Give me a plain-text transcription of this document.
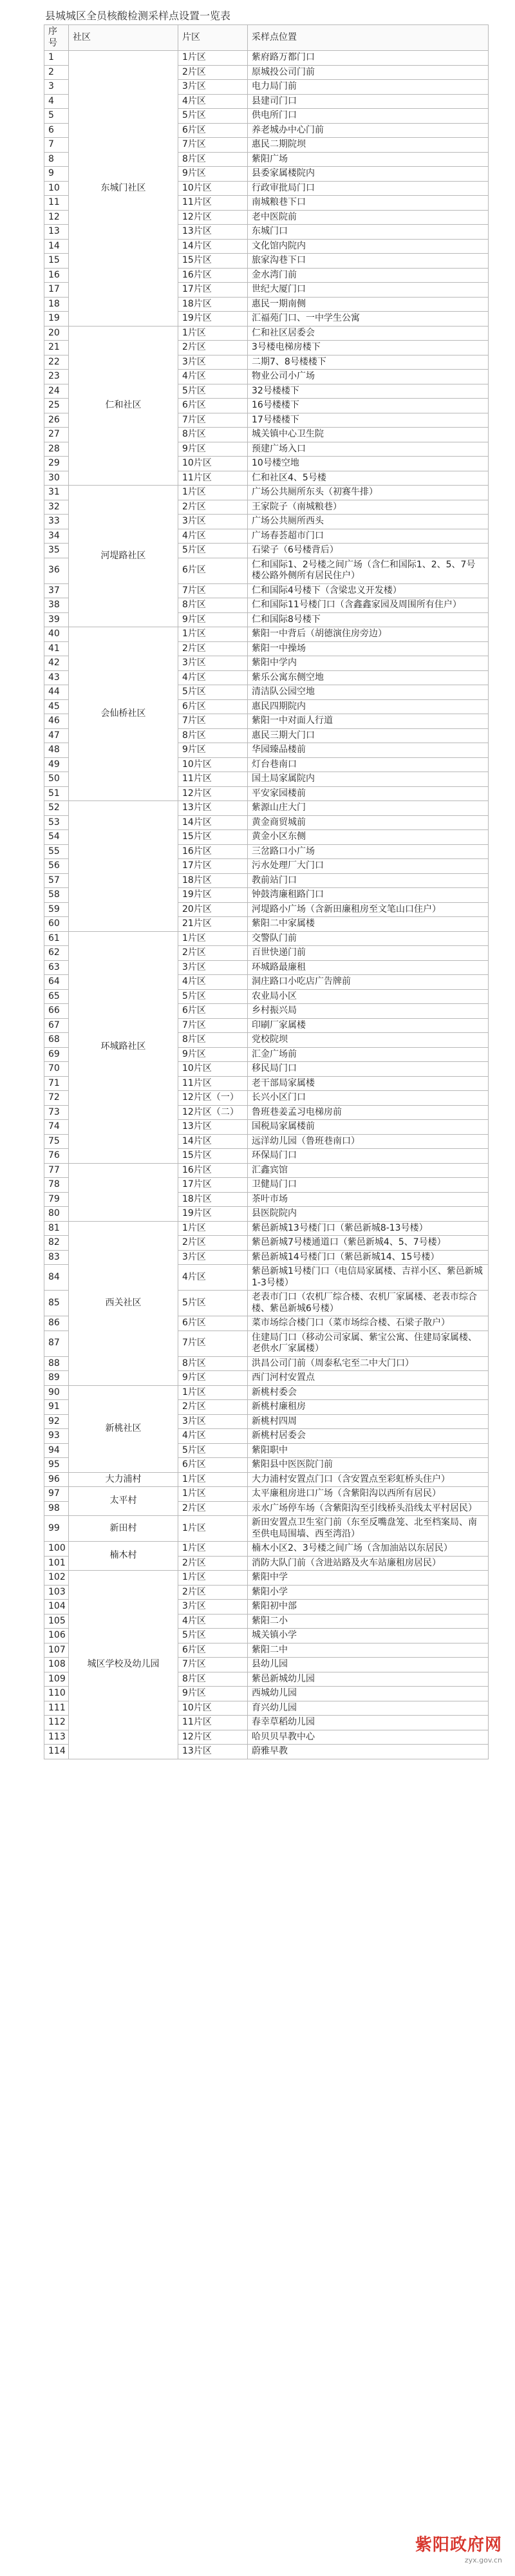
县城城区全员核酸检测采样点设置一览表
序号	社区	片区	采样点位置
1	东城门社区	1片区	紫府路万都门口
2		2片区	原城投公司门前
3		3片区	电力局门前
4		4片区	县建司门口
5		5片区	供电所门口
6		6片区	养老城办中心门前
7		7片区	惠民二期院坝
8		8片区	紫阳广场
9		9片区	县委家属楼院内
10		10片区	行政审批局门口
11		11片区	南城粮巷下口
12		12片区	老中医院前
13		13片区	东城门口
14		14片区	文化馆内院内
15		15片区	旅家沟巷下口
16		16片区	金水湾门前
17		17片区	世纪大厦门口
18		18片区	惠民一期南侧
19		19片区	汇福苑门口、一中学生公寓
20	仁和社区	1片区	仁和社区居委会
21		2片区	3号楼电梯房楼下
22		3片区	二期7、8号楼楼下
23		4片区	物业公司小广场
24		5片区	32号楼楼下
25		6片区	16号楼楼下
26		7片区	17号楼楼下
27		8片区	城关镇中心卫生院
28		9片区	预建广场入口
29		10片区	10号楼空地
30		11片区	仁和社区4、5号楼
31	河堤路社区	1片区	广场公共厕所东头（初赛牛排）
32		2片区	王家院子（南城粮巷）
33		3片区	广场公共厕所西头
34		4片区	广场春荟超市门口
35		5片区	石梁子（6号楼背后）
36		6片区	仁和国际1、2号楼之间广场（含仁和国际1、2、5、7号楼公路外侧所有居民住户）
37		7片区	仁和国际4号楼下（含梁忠义开发楼）
38		8片区	仁和国际11号楼门口（含鑫鑫家园及周围所有住户）
39		9片区	仁和国际8号楼下
40	会仙桥社区	1片区	紫阳一中背后（胡德演住房旁边）
41		2片区	紫阳一中操场
42		3片区	紫阳中学内
43		4片区	紫乐公寓东侧空地
44		5片区	清洁队公园空地
45		6片区	惠民四期院内
46		7片区	紫阳一中对面人行道
47		8片区	惠民三期大门口
48		9片区	华园臻品楼前
49		10片区	灯台巷南口
50		11片区	国土局家属院内
51		12片区	平安家园楼前
52		13片区	紫源山庄大门
53		14片区	黄金商贸城前
54		15片区	黄金小区东侧
55		16片区	三岔路口小广场
56		17片区	污水处理厂大门口
57		18片区	教前站门口
58		19片区	钟鼓湾廉租路门口
59		20片区	河堤路小广场（含新田廉租房至文笔山口住户）
60		21片区	紫阳二中家属楼
61	环城路社区	1片区	交警队门前
62		2片区	百世快递门前
63		3片区	环城路最廉租
64		4片区	洞庄路口小吃店广告牌前
65		5片区	农业局小区
66		6片区	乡村振兴局
67		7片区	印刷厂家属楼
68		8片区	党校院坝
69		9片区	汇金广场前
70		10片区	移民局门口
71		11片区	老干部局家属楼
72		12片区（一）	长兴小区门口
73		12片区（二）	鲁班巷姜孟习电梯房前
74		13片区	国税局家属楼前
75		14片区	远洋幼儿园（鲁班巷南口）
76		15片区	环保局门口
77		16片区	汇鑫宾馆
78		17片区	卫健局门口
79		18片区	茶叶市场
80		19片区	县医院院内
81	西关社区	1片区	紫邑新城13号楼门口（紫邑新城8-13号楼）
82		2片区	紫邑新城7号楼通道口（紫邑新城4、5、7号楼）
83		3片区	紫邑新城14号楼门口（紫邑新城14、15号楼）
84		4片区	紫邑新城1号楼门口（电信局家属楼、吉祥小区、紫邑新城1-3号楼）
85		5片区	老表市门口（农机厂综合楼、农机厂家属楼、老表市综合楼、紫邑新城6号楼）
86		6片区	菜市场综合楼门口（菜市场综合楼、石梁子散户）
87		7片区	住建局门口（移动公司家属、紫宝公寓、住建局家属楼、老供水厂家属楼）
88		8片区	洪昌公司门前（周泰私宅至二中大门口）
89		9片区	西门河村安置点
90	新桃社区	1片区	新桃村委会
91		2片区	新桃村廉租房
92		3片区	新桃村四周
93		4片区	新桃村居委会
94		5片区	紫阳职中
95		6片区	紫阳县中医医院门前
96	大力浦村	1片区	大力浦村安置点门口（含安置点至彩虹桥头住户）
97	太平村	1片区	太平廉租房进口广场（含紫阳沟以西所有居民）
98		2片区	汞水广场停车场（含紫阳沟至引线桥头沿线太平村居民）
99	新田村	1片区	新田安置点卫生室门前（东至反嘴盘笼、北至档案局、南至供电局围墙、西至湾沿）
100	楠木村	1片区	楠木小区2、3号楼之间广场（含加油站以东居民）
101		2片区	消防大队门前（含进站路及火车站廉租房居民）
102	城区学校及幼儿园	1片区	紫阳中学
103		2片区	紫阳小学
104		3片区	紫阳初中部
105		4片区	紫阳二小
106		5片区	城关镇小学
107		6片区	紫阳二中
108		7片区	县幼儿园
109		8片区	紫邑新城幼儿园
110		9片区	西城幼儿园
111		10片区	育兴幼儿园
112		11片区	春幸草稻幼儿园
113		12片区	哈贝贝早教中心
114		13片区	蔚雅早教
紫阳政府网
zyx.gov.cn
